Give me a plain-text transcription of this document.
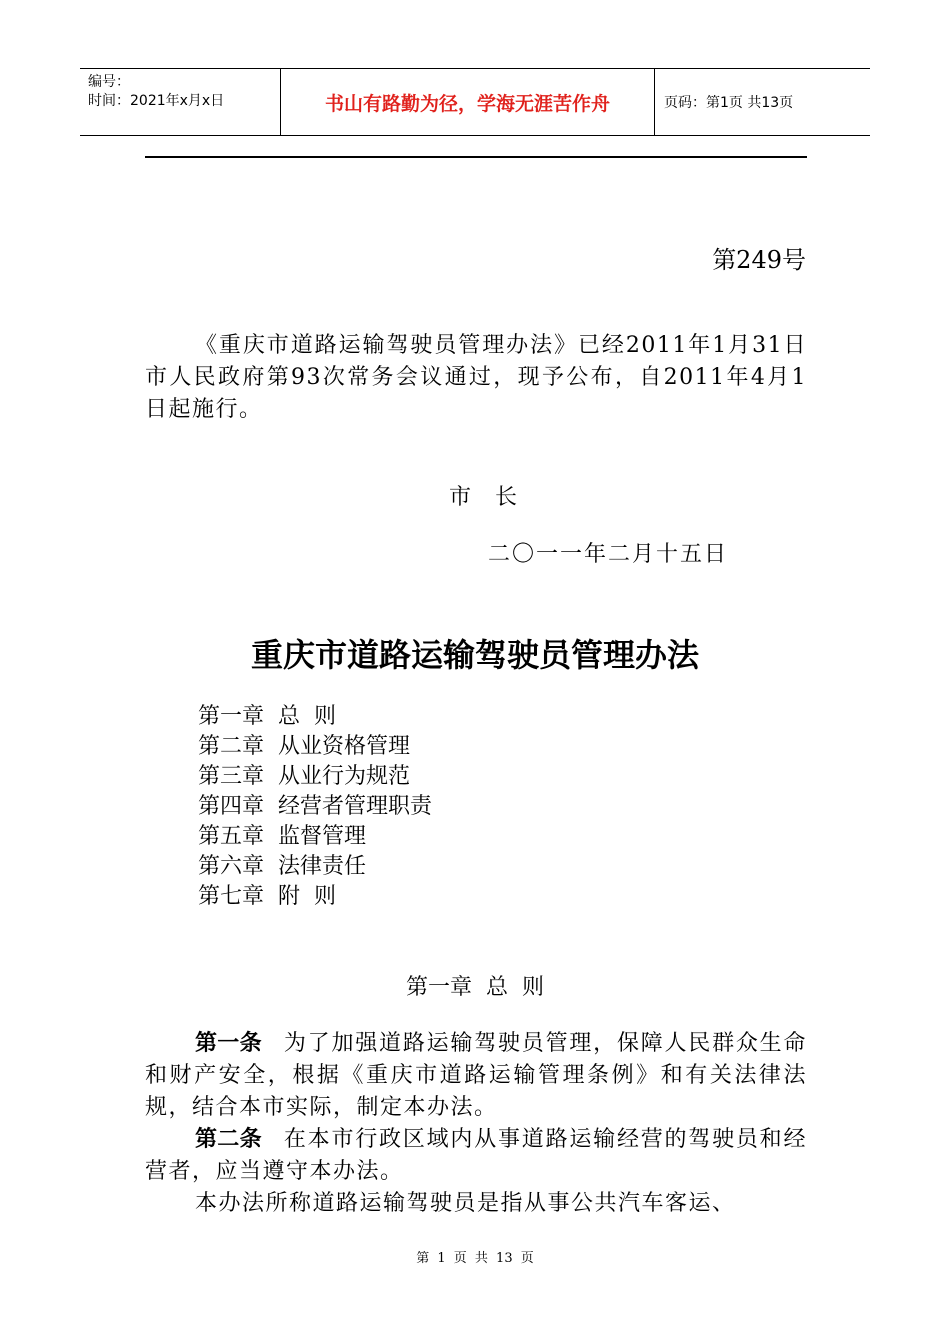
编号：
时间：2021年x月x日	书山有路勤为径，学海无涯苦作舟	页码：第1页 共13页
第249号
《重庆市道路运输驾驶员管理办法》已经2011年1月31日市人民政府第93次常务会议通过，现予公布，自2011年4月1日起施行。
市长
二〇一一年二月十五日
重庆市道路运输驾驶员管理办法
第一章  总  则
第二章  从业资格管理
第三章  从业行为规范
第四章  经营者管理职责
第五章  监督管理
第六章  法律责任
第七章  附  则
第一章  总  则

第一条 为了加强道路运输驾驶员管理，保障人民群众生命和财产安全，根据《重庆市道路运输管理条例》和有关法律法规，结合本市实际，制定本办法。

第二条 在本市行政区域内从事道路运输经营的驾驶员和经营者，应当遵守本办法。

本办法所称道路运输驾驶员是指从事公共汽车客运、

第 1 页 共 13 页
